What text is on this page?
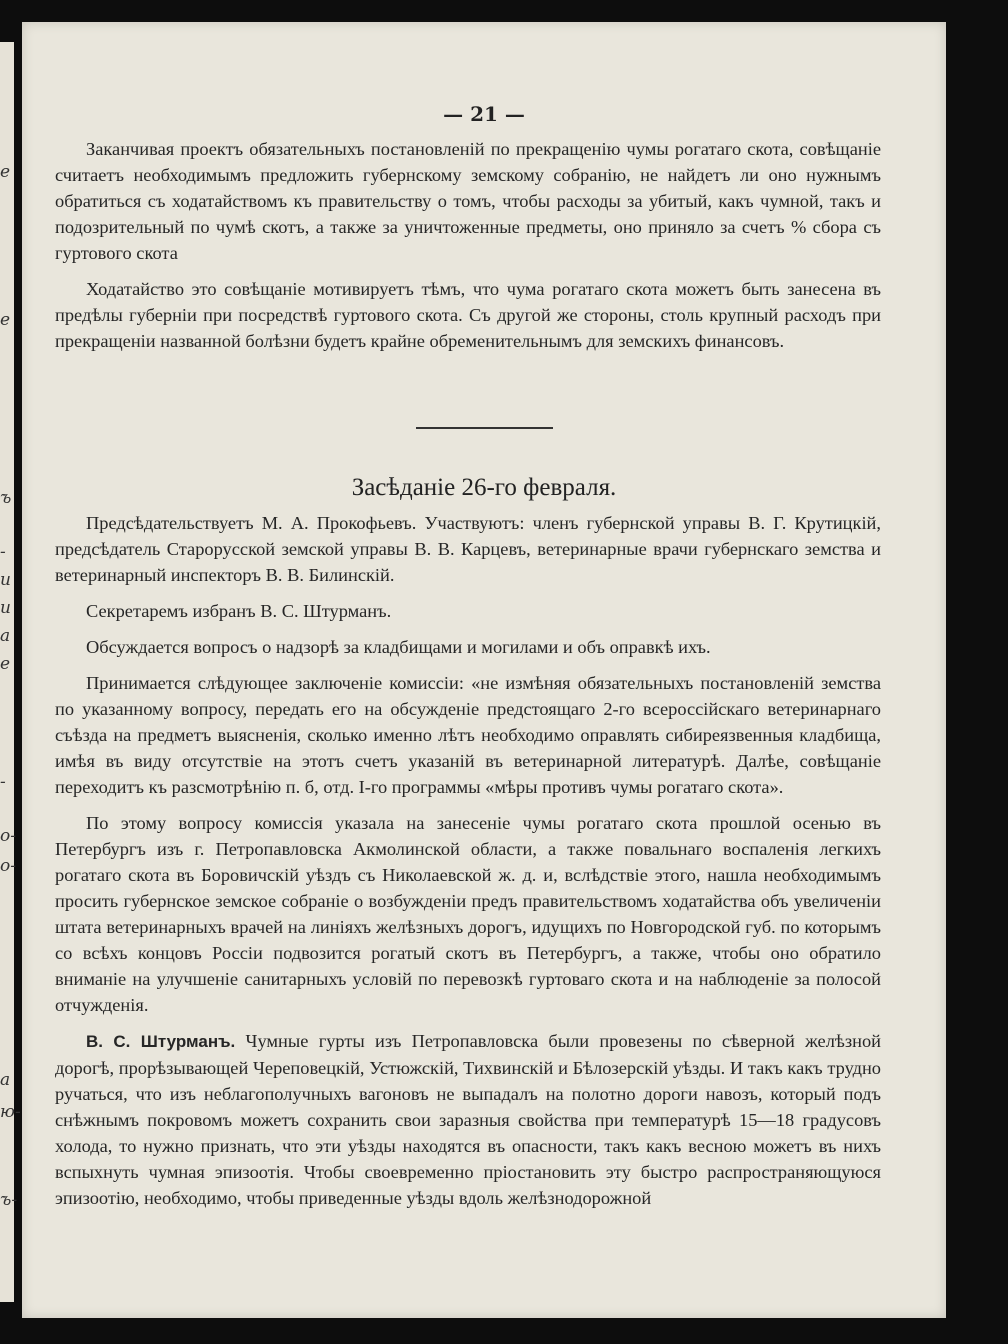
е
е
ъ
-
и
и
а
е
-
о-
о-
а
ю-
ъ-
— 21 —

Заканчивая проектъ обязательныхъ постановленій по прекращенію чумы рогатаго скота, совѣщаніе считаетъ необходимымъ предложить губернскому земскому собранію, не найдетъ ли оно нужнымъ обратиться съ ходатайствомъ къ правительству о томъ, чтобы расходы за убитый, какъ чумной, такъ и подозрительный по чумѣ скотъ, а также за уничтоженные предметы, оно приняло за счетъ % сбора съ гуртового скота

Ходатайство это совѣщаніе мотивируетъ тѣмъ, что чума рогатаго скота можетъ быть занесена въ предѣлы губерніи при посредствѣ гуртового скота. Съ другой же стороны, столь крупный расходъ при прекращеніи названной болѣзни будетъ крайне обременительнымъ для земскихъ финансовъ.

Засѣданіе 26-го февраля.

Предсѣдательствуетъ М. А. Прокофьевъ. Участвуютъ: членъ губернской управы В. Г. Крутицкій, предсѣдатель Старорусской земской управы В. В. Карцевъ, ветеринарные врачи губернскаго земства и ветеринарный инспекторъ В. В. Билинскій.

Секретаремъ избранъ В. С. Штурманъ.

Обсуждается вопросъ о надзорѣ за кладбищами и могилами и объ оправкѣ ихъ.

Принимается слѣдующее заключеніе комиссіи: «не измѣняя обязательныхъ постановленій земства по указанному вопросу, передать его на обсужденіе предстоящаго 2-го всероссійскаго ветеринарнаго съѣзда на предметъ выясненія, сколько именно лѣтъ необходимо оправлять сибиреязвенныя кладбища, имѣя въ виду отсутствіе на этотъ счетъ указаній въ ветеринарной литературѣ. Далѣе, совѣщаніе переходитъ къ разсмотрѣнію п. б, отд. I-го программы «мѣры противъ чумы рогатаго скота».

По этому вопросу комиссія указала на занесеніе чумы рогатаго скота прошлой осенью въ Петербургъ изъ г. Петропавловска Акмолинской области, а также повальнаго воспаленія легкихъ рогатаго скота въ Боровичскій уѣздъ съ Николаевской ж. д. и, вслѣдствіе этого, нашла необходимымъ просить губернское земское собраніе о возбужденіи предъ правительствомъ ходатайства объ увеличеніи штата ветеринарныхъ врачей на линіяхъ желѣзныхъ дорогъ, идущихъ по Новгородской губ. по которымъ со всѣхъ концовъ Россіи подвозится рогатый скотъ въ Петербургъ, а также, чтобы оно обратило вниманіе на улучшеніе санитарныхъ условій по перевозкѣ гуртоваго скота и на наблюденіе за полосой отчужденія.

В. С. Штурманъ. Чумные гурты изъ Петропавловска были провезены по сѣверной желѣзной дорогѣ, прорѣзывающей Череповецкій, Устюжскій, Тихвинскій и Бѣлозерскій уѣзды. И такъ какъ трудно ручаться, что изъ неблагополучныхъ вагоновъ не выпадалъ на полотно дороги навозъ, который подъ снѣжнымъ покровомъ можетъ сохранить свои заразныя свойства при температурѣ 15—18 градусовъ холода, то нужно признать, что эти уѣзды находятся въ опасности, такъ какъ весною можетъ въ нихъ вспыхнуть чумная эпизоотія. Чтобы своевременно пріостановить эту быстро распространяющуюся эпизоотію, необходимо, чтобы приведенные уѣзды вдоль желѣзнодорожной
